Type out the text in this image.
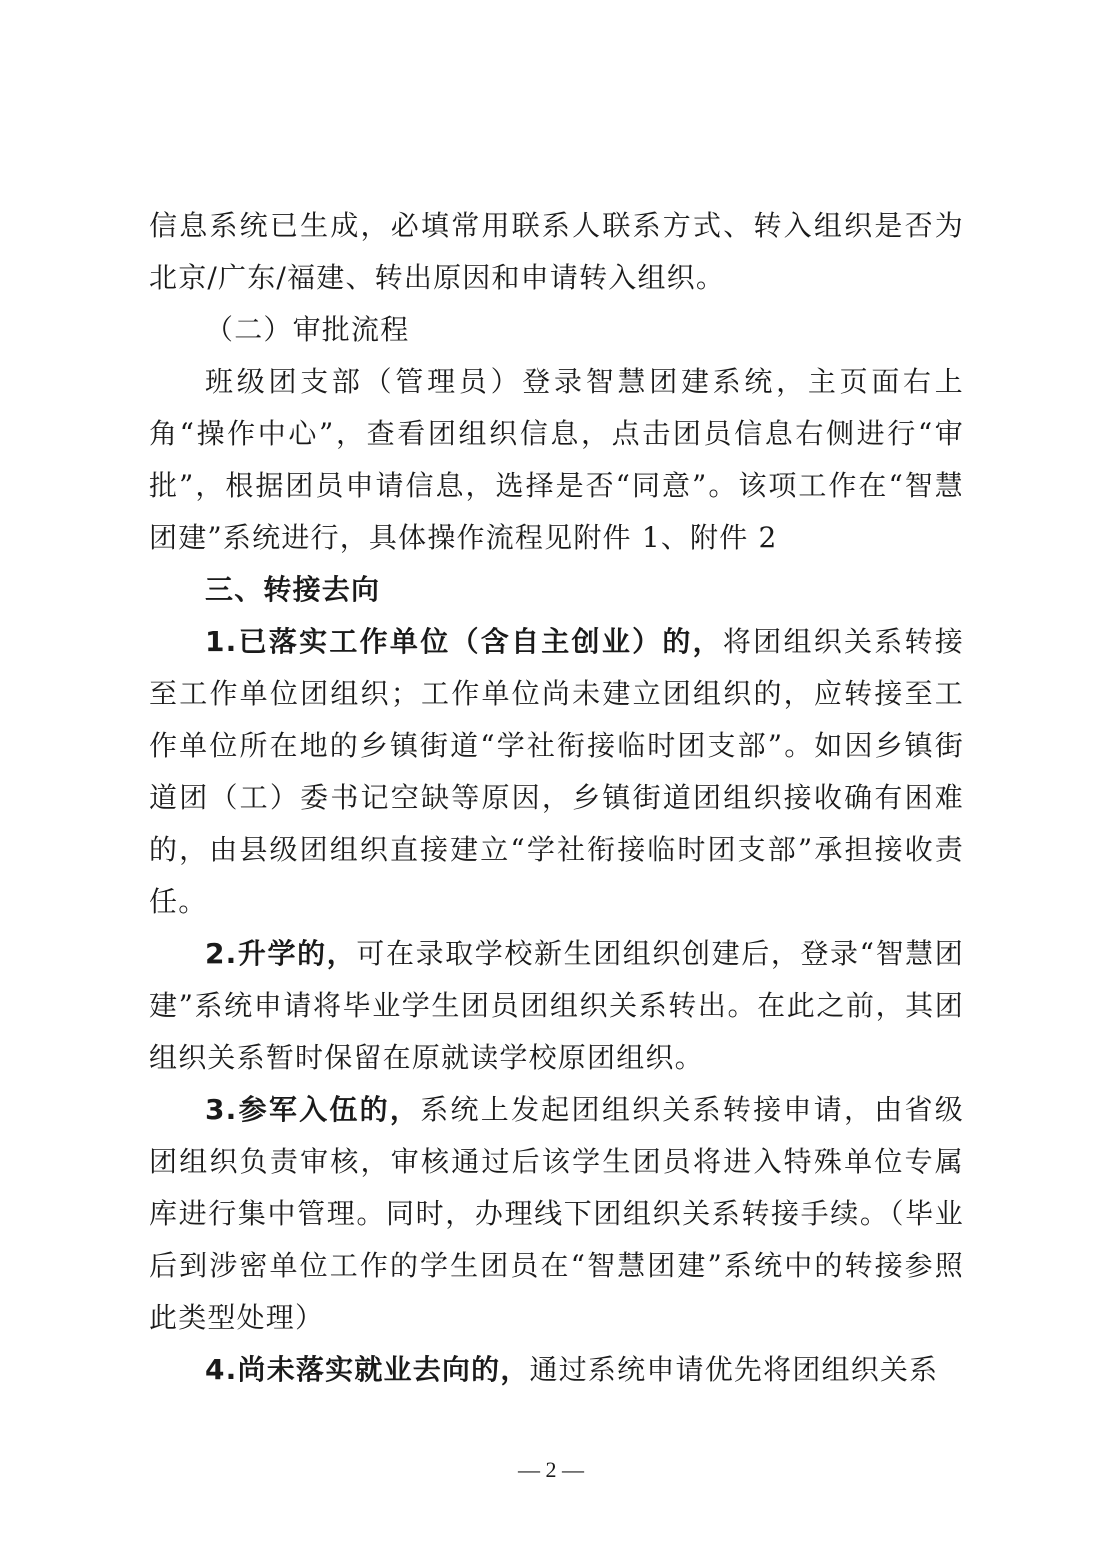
信息系统已生成，必填常用联系人联系方式、转入组织是否为北京/广东/福建、转出原因和申请转入组织。

（二）审批流程

班级团支部（管理员）登录智慧团建系统，主页面右上角“操作中心”，查看团组织信息，点击团员信息右侧进行“审批”，根据团员申请信息，选择是否“同意”。该项工作在“智慧团建”系统进行，具体操作流程见附件 1、附件 2

三、转接去向

1.已落实工作单位（含自主创业）的，将团组织关系转接至工作单位团组织；工作单位尚未建立团组织的，应转接至工作单位所在地的乡镇街道“学社衔接临时团支部”。如因乡镇街道团（工）委书记空缺等原因，乡镇街道团组织接收确有困难的，由县级团组织直接建立“学社衔接临时团支部”承担接收责任。

2.升学的，可在录取学校新生团组织创建后，登录“智慧团建”系统申请将毕业学生团员团组织关系转出。在此之前，其团组织关系暂时保留在原就读学校原团组织。

3.参军入伍的，系统上发起团组织关系转接申请，由省级团组织负责审核，审核通过后该学生团员将进入特殊单位专属库进行集中管理。同时，办理线下团组织关系转接手续。（毕业后到涉密单位工作的学生团员在“智慧团建”系统中的转接参照此类型处理）

4.尚未落实就业去向的，通过系统申请优先将团组织关系

— 2 —
